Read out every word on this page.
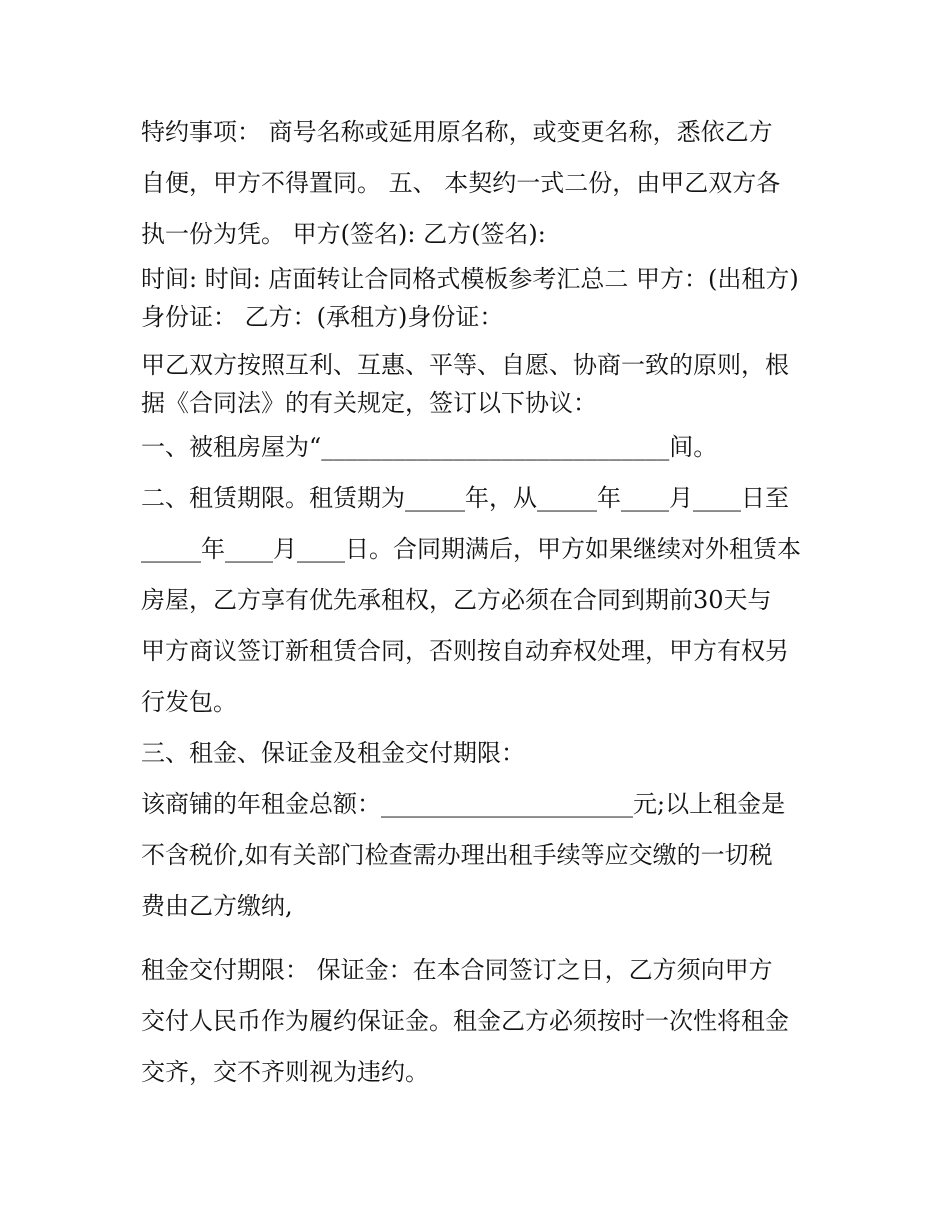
特约事项： 商号名称或延用原名称，或变更名称，悉依乙方
自便，甲方不得置同。 五、 本契约一式二份，由甲乙双方各
执一份为凭。 甲方(签名): 乙方(签名):
时间: 时间: 店面转让合同格式模板参考汇总二 甲方：(出租方)
身份证： 乙方：(承租方)身份证：
甲乙双方按照互利、互惠、平等、自愿、协商一致的原则，根
据《合同法》的有关规定，签订以下协议：
一、被租房屋为“_____________________________间。
二、租赁期限。租赁期为_____年，从_____年____月____日至
_____年____月____日。合同期满后，甲方如果继续对外租赁本
房屋，乙方享有优先承租权，乙方必须在合同到期前30天与
甲方商议签订新租赁合同，否则按自动弃权处理，甲方有权另
行发包。
三、租金、保证金及租金交付期限：
该商铺的年租金总额：_____________________元;以上租金是
不含税价,如有关部门检查需办理出租手续等应交缴的一切税
费由乙方缴纳,
租金交付期限： 保证金：在本合同签订之日，乙方须向甲方
交付人民币作为履约保证金。租金乙方必须按时一次性将租金
交齐，交不齐则视为违约。
